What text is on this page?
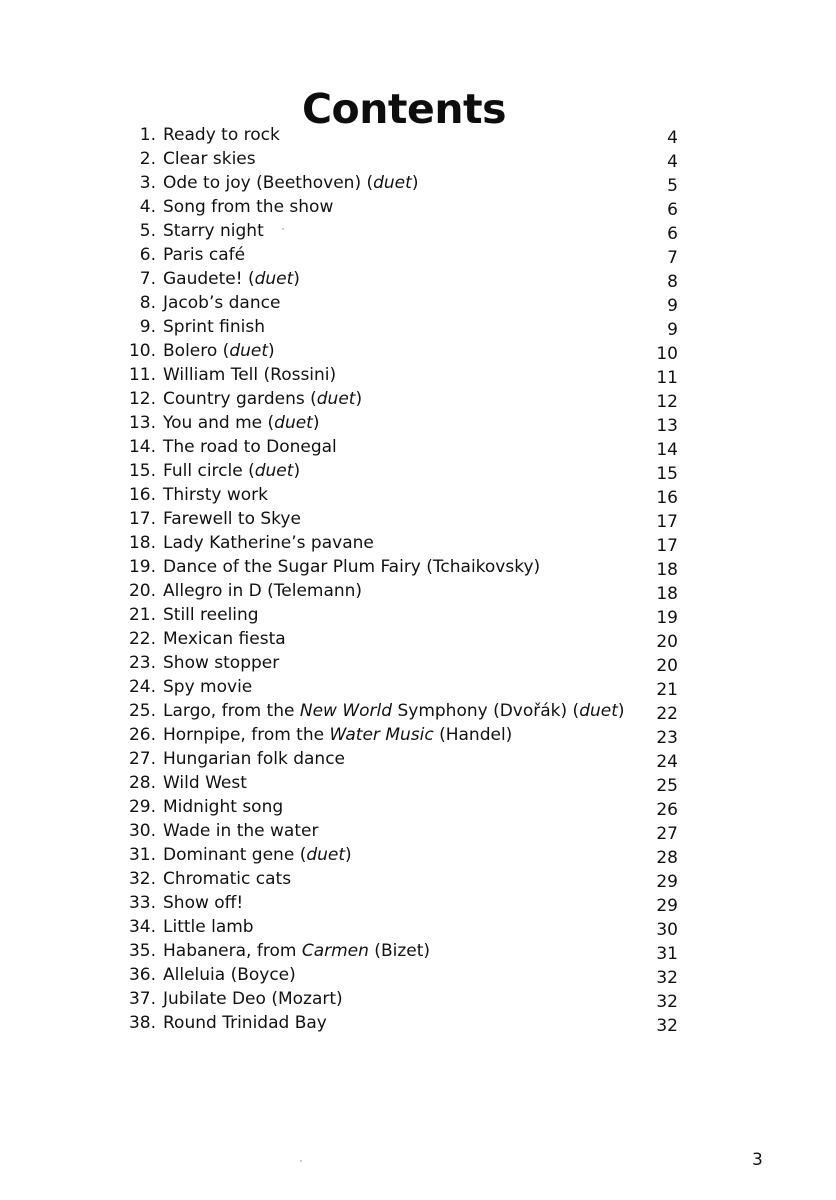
Contents
1. Ready to rock	4
2. Clear skies	4
3. Ode to joy (Beethoven) (duet)	5
4. Song from the show	6
5. Starry night	6
6. Paris café	7
7. Gaudete! (duet)	8
8. Jacob’s dance	9
9. Sprint finish	9
10. Bolero (duet)	10
11. William Tell (Rossini)	11
12. Country gardens (duet)	12
13. You and me (duet)	13
14. The road to Donegal	14
15. Full circle (duet)	15
16. Thirsty work	16
17. Farewell to Skye	17
18. Lady Katherine’s pavane	17
19. Dance of the Sugar Plum Fairy (Tchaikovsky)	18
20. Allegro in D (Telemann)	18
21. Still reeling	19
22. Mexican fiesta	20
23. Show stopper	20
24. Spy movie	21
25. Largo, from the New World Symphony (Dvořák) (duet)	22
26. Hornpipe, from the Water Music (Handel)	23
27. Hungarian folk dance	24
28. Wild West	25
29. Midnight song	26
30. Wade in the water	27
31. Dominant gene (duet)	28
32. Chromatic cats	29
33. Show off!	29
34. Little lamb	30
35. Habanera, from Carmen (Bizet)	31
36. Alleluia (Boyce)	32
37. Jubilate Deo (Mozart)	32
38. Round Trinidad Bay	32
3
